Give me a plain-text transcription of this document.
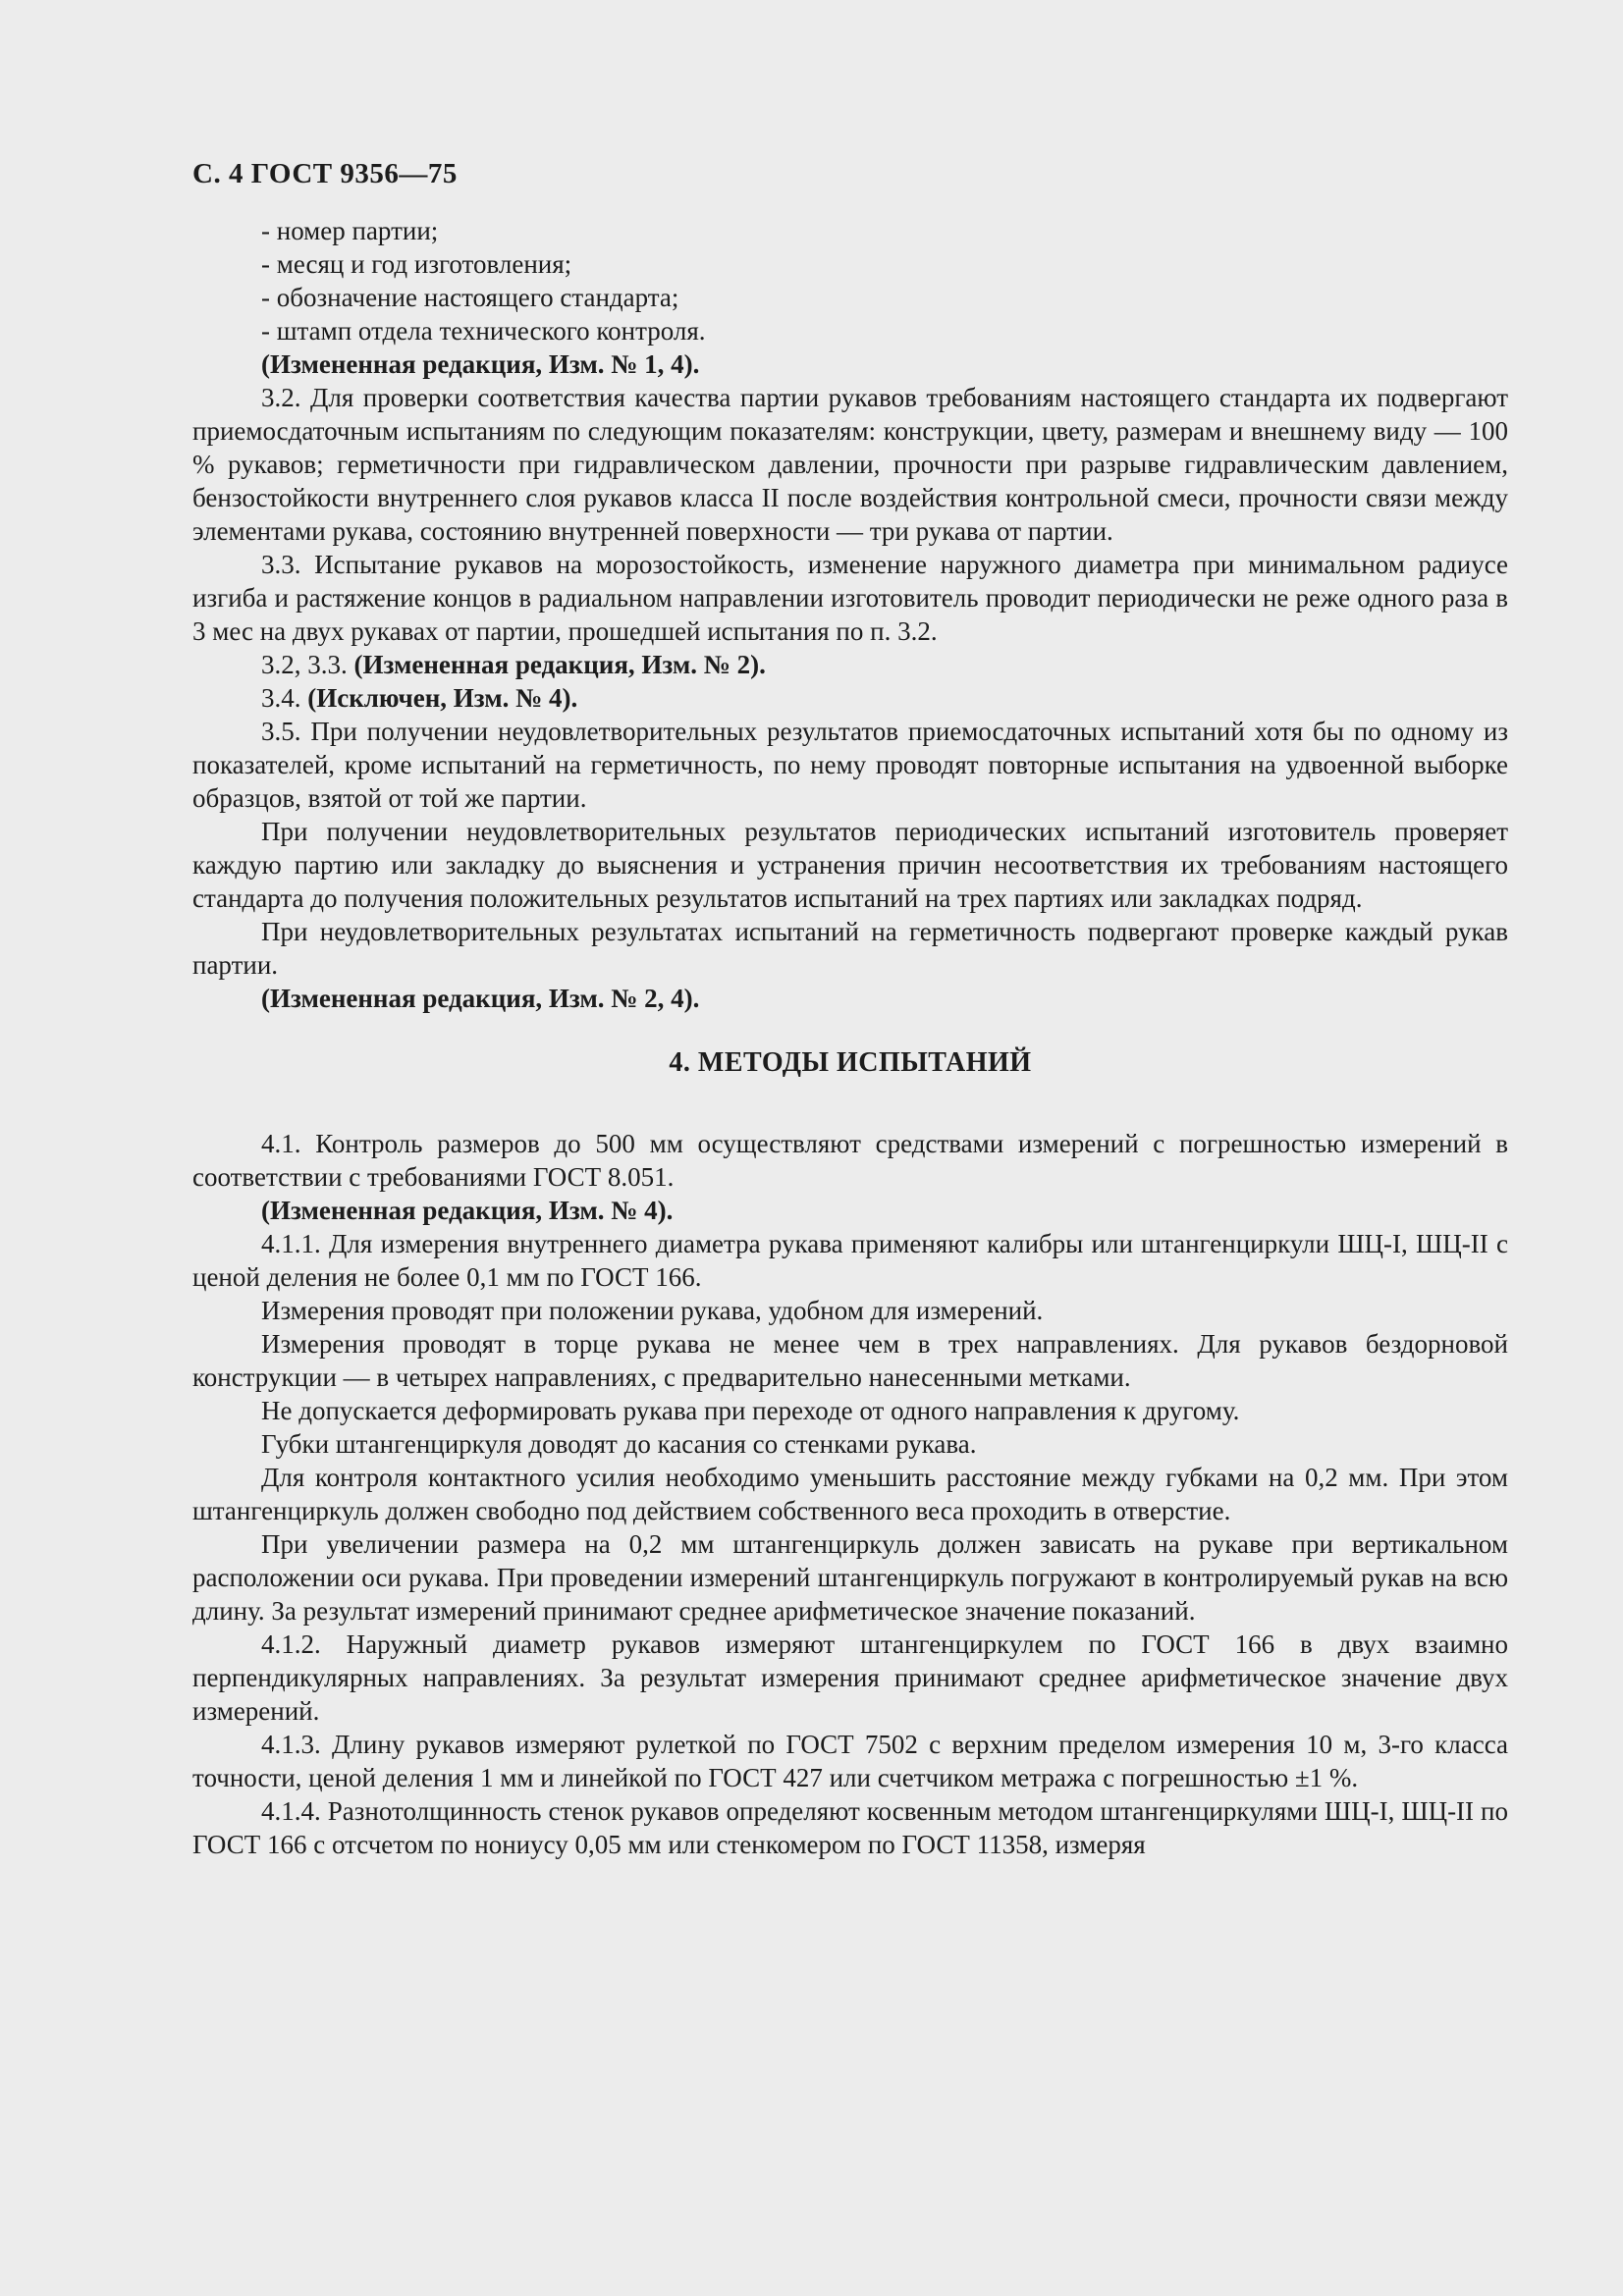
С. 4 ГОСТ 9356—75

- номер партии;

- месяц и год изготовления;

- обозначение настоящего стандарта;

- штамп отдела технического контроля.

(Измененная редакция, Изм. № 1, 4).

3.2. Для проверки соответствия качества партии рукавов требованиям настоящего стандарта их подвергают приемосдаточным испытаниям по следующим показателям: конструкции, цвету, размерам и внешнему виду — 100 % рукавов; герметичности при гидравлическом давлении, прочности при разрыве гидравлическим давлением, бензостойкости внутреннего слоя рукавов класса II после воздействия контрольной смеси, прочности связи между элементами рукава, состоянию внутренней поверхности — три рукава от партии.

3.3. Испытание рукавов на морозостойкость, изменение наружного диаметра при минимальном радиусе изгиба и растяжение концов в радиальном направлении изготовитель проводит периодически не реже одного раза в 3 мес на двух рукавах от партии, прошедшей испытания по п. 3.2.

3.2, 3.3. (Измененная редакция, Изм. № 2).

3.4. (Исключен, Изм. № 4).

3.5. При получении неудовлетворительных результатов приемосдаточных испытаний хотя бы по одному из показателей, кроме испытаний на герметичность, по нему проводят повторные испытания на удвоенной выборке образцов, взятой от той же партии.

При получении неудовлетворительных результатов периодических испытаний изготовитель проверяет каждую партию или закладку до выяснения и устранения причин несоответствия их требованиям настоящего стандарта до получения положительных результатов испытаний на трех партиях или закладках подряд.

При неудовлетворительных результатах испытаний на герметичность подвергают проверке каждый рукав партии.

(Измененная редакция, Изм. № 2, 4).

4. МЕТОДЫ ИСПЫТАНИЙ

4.1. Контроль размеров до 500 мм осуществляют средствами измерений с погрешностью измерений в соответствии с требованиями ГОСТ 8.051.

(Измененная редакция, Изм. № 4).

4.1.1. Для измерения внутреннего диаметра рукава применяют калибры или штангенциркули ШЦ-I, ШЦ-II с ценой деления не более 0,1 мм по ГОСТ 166.

Измерения проводят при положении рукава, удобном для измерений.

Измерения проводят в торце рукава не менее чем в трех направлениях. Для рукавов бездорновой конструкции — в четырех направлениях, с предварительно нанесенными метками.

Не допускается деформировать рукава при переходе от одного направления к другому.

Губки штангенциркуля доводят до касания со стенками рукава.

Для контроля контактного усилия необходимо уменьшить расстояние между губками на 0,2 мм. При этом штангенциркуль должен свободно под действием собственного веса проходить в отверстие.

При увеличении размера на 0,2 мм штангенциркуль должен зависать на рукаве при вертикальном расположении оси рукава. При проведении измерений штангенциркуль погружают в контролируемый рукав на всю длину. За результат измерений принимают среднее арифметическое значение показаний.

4.1.2. Наружный диаметр рукавов измеряют штангенциркулем по ГОСТ 166 в двух взаимно перпендикулярных направлениях. За результат измерения принимают среднее арифметическое значение двух измерений.

4.1.3. Длину рукавов измеряют рулеткой по ГОСТ 7502 с верхним пределом измерения 10 м, 3-го класса точности, ценой деления 1 мм и линейкой по ГОСТ 427 или счетчиком метража с погрешностью ±1 %.

4.1.4. Разнотолщинность стенок рукавов определяют косвенным методом штангенциркулями ШЦ-I, ШЦ-II по ГОСТ 166 с отсчетом по нониусу 0,05 мм или стенкомером по ГОСТ 11358, измеряя
